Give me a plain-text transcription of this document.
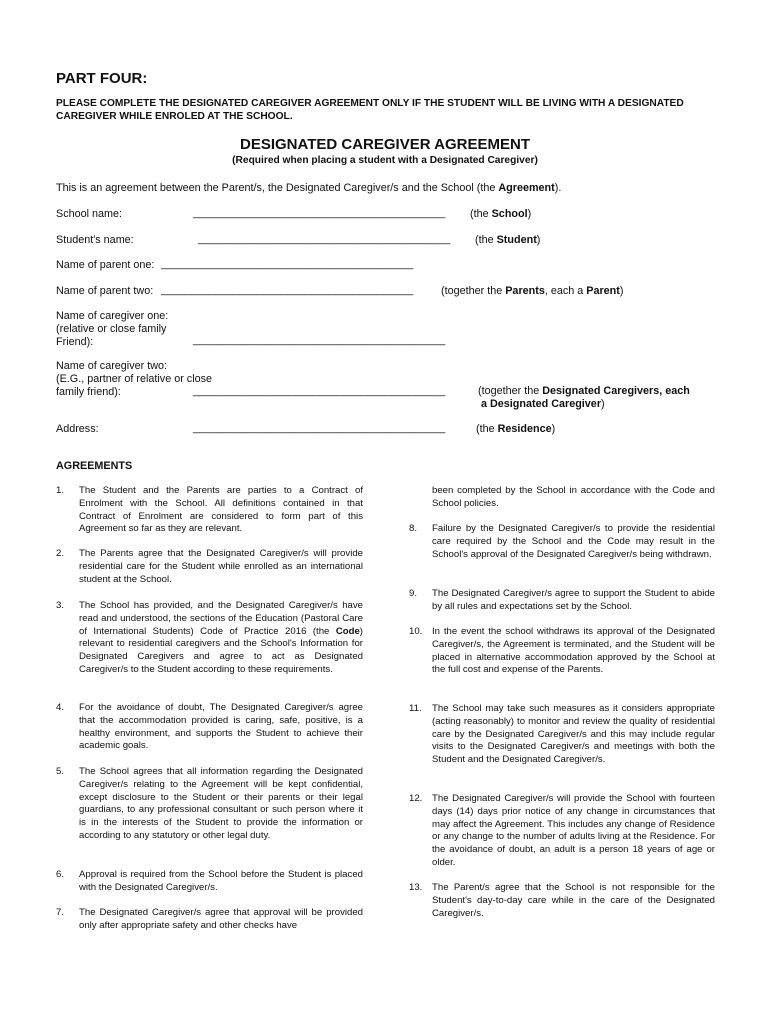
PART FOUR:
PLEASE COMPLETE THE DESIGNATED CAREGIVER AGREEMENT ONLY IF THE STUDENT WILL BE LIVING WITH A DESIGNATED CAREGIVER WHILE ENROLED AT THE SCHOOL.
DESIGNATED CAREGIVER AGREEMENT
(Required when placing a student with a Designated Caregiver)
This is an agreement between the Parent/s, the Designated Caregiver/s and the School (the Agreement).
School name:	__________________________________________ (the School)
Student's name:	__________________________________________ (the Student)
Name of parent one: __________________________________________
Name of parent two: __________________________________________	(together the Parents, each a Parent)
Name of caregiver one:
(relative or close family
Friend):	__________________________________________
Name of caregiver two:
(E.G., partner of relative or close
family friend):	__________________________________________	(together the Designated Caregivers, each
a Designated Caregiver)
Address:	__________________________________________	(the Residence)
AGREEMENTS
1. The Student and the Parents are parties to a Contract of Enrolment with the School. All definitions contained in that Contract of Enrolment are considered to form part of this Agreement so far as they are relevant.
2. The Parents agree that the Designated Caregiver/s will provide residential care for the Student while enrolled as an international student at the School.
3. The School has provided, and the Designated Caregiver/s have read and understood, the sections of the Education (Pastoral Care of International Students) Code of Practice 2016 (the Code) relevant to residential caregivers and the School's Information for Designated Caregivers and agree to act as Designated Caregiver/s to the Student according to these requirements.
4. For the avoidance of doubt, The Designated Caregiver/s agree that the accommodation provided is caring, safe, positive, is a healthy environment, and supports the Student to achieve their academic goals.
5. The School agrees that all information regarding the Designated Caregiver/s relating to the Agreement will be kept confidential, except disclosure to the Student or their parents or their legal guardians, to any professional consultant or such person where it is in the interests of the Student to provide the information or according to any statutory or other legal duty.
6. Approval is required from the School before the Student is placed with the Designated Caregiver/s.
7. The Designated Caregiver/s agree that approval will be provided only after appropriate safety and other checks have
been completed by the School in accordance with the Code and School policies.
8. Failure by the Designated Caregiver/s to provide the residential care required by the School and the Code may result in the School's approval of the Designated Caregiver/s being withdrawn.
9. The Designated Caregiver/s agree to support the Student to abide by all rules and expectations set by the School.
10. In the event the school withdraws its approval of the Designated Caregiver/s, the Agreement is terminated, and the Student will be placed in alternative accommodation approved by the School at the full cost and expense of the Parents.
11. The School may take such measures as it considers appropriate (acting reasonably) to monitor and review the quality of residential care by the Designated Caregiver/s and this may include regular visits to the Designated Caregiver/s and meetings with both the Student and the Designated Caregiver/s.
12. The Designated Caregiver/s will provide the School with fourteen days (14) days prior notice of any change in circumstances that may affect the Agreement. This includes any change of Residence or any change to the number of adults living at the Residence. For the avoidance of doubt, an adult is a person 18 years of age or older.
13. The Parent/s agree that the School is not responsible for the Student's day-to-day care while in the care of the Designated Caregiver/s.
